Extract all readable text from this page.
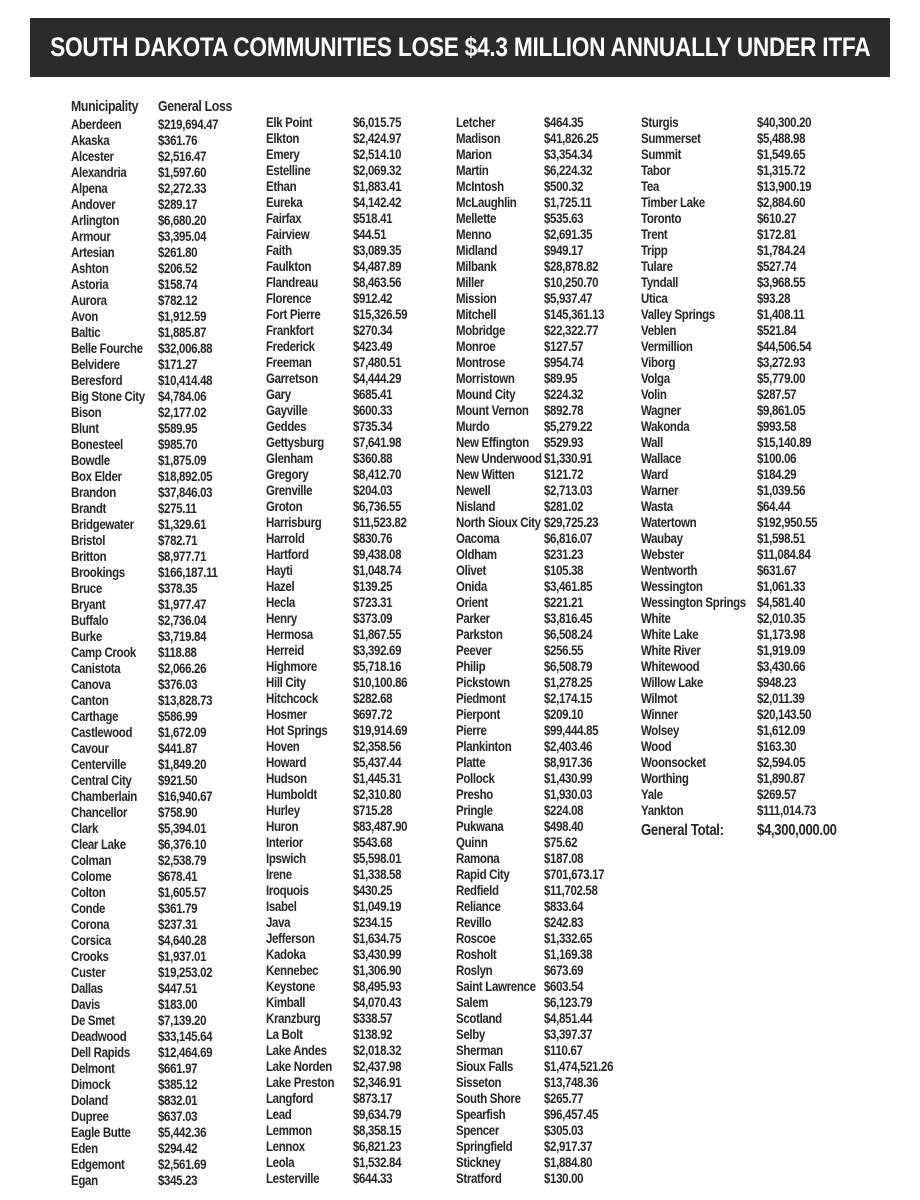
SOUTH DAKOTA COMMUNITIES LOSE $4.3 MILLION ANNUALLY UNDER ITFA
Municipality General Loss
Aberdeen	$219,694.47
Akaska	$361.76
Alcester	$2,516.47
Alexandria $1,597.60
Alpena	$2,272.33
Andover	$289.17
Arlington	$6,680.20
Armour	$3,395.04
Artesian	$261.80
Ashton	$206.52
Astoria	$158.74
Aurora	$782.12
Avon	$1,912.59
Baltic	$1,885.87
Belle Fourche $32,006.88
Belvidere	$171.27
Beresford	$10,414.48
Big Stone City $4,784.06
Bison	$2,177.02
Blunt	$589.95
Bonesteel	$985.70
Bowdle	$1,875.09
Box Elder	$18,892.05
Brandon	$37,846.03
Brandt	$275.11
Bridgewater $1,329.61
Bristol	$782.71
Britton	$8,977.71
Brookings $166,187.11
Bruce	$378.35
Bryant	$1,977.47
Buffalo	$2,736.04
Burke	$3,719.84
Camp Crook $118.88
Canistota	$2,066.26
Canova	$376.03
Canton	$13,828.73
Carthage	$586.99
Castlewood $1,672.09
Cavour	$441.87
Centerville $1,849.20
Central City $921.50
Chamberlain $16,940.67
Chancellor $758.90
Clark	$5,394.01
Clear Lake $6,376.10
Colman	$2,538.79
Colome	$678.41
Colton	$1,605.57
Conde	$361.79
Corona	$237.31
Corsica	$4,640.28
Crooks	$1,937.01
Custer	$19,253.02
Dallas	$447.51
Davis	$183.00
De Smet	$7,139.20
Deadwood $33,145.64
Dell Rapids $12,464.69
Delmont	$661.97
Dimock	$385.12
Doland	$832.01
Dupree	$637.03
Eagle Butte $5,442.36
Eden	$294.42
Edgemont $2,561.69
Egan	$345.23
Elk Point	$6,015.75
Elkton	$2,424.97
Emery	$2,514.10
Estelline	$2,069.32
Ethan	$1,883.41
Eureka	$4,142.42
Fairfax	$518.41
Fairview	$44.51
Faith	$3,089.35
Faulkton	$4,487.89
Flandreau	$8,463.56
Florence	$912.42
Fort Pierre $15,326.59
Frankfort	$270.34
Frederick	$423.49
Freeman	$7,480.51
Garretson	$4,444.29
Gary	$685.41
Gayville	$600.33
Geddes	$735.34
Gettysburg $7,641.98
Glenham	$360.88
Gregory	$8,412.70
Grenville	$204.03
Groton	$6,736.55
Harrisburg $11,523.82
Harrold	$830.76
Hartford	$9,438.08
Hayti	$1,048.74
Hazel	$139.25
Hecla	$723.31
Henry	$373.09
Hermosa	$1,867.55
Herreid	$3,392.69
Highmore	$5,718.16
Hill City	$10,100.86
Hitchcock	$282.68
Hosmer	$697.72
Hot Springs $19,914.69
Hoven	$2,358.56
Howard	$5,437.44
Hudson	$1,445.31
Humboldt	$2,310.80
Hurley	$715.28
Huron	$83,487.90
Interior	$543.68
Ipswich	$5,598.01
Irene	$1,338.58
Iroquois	$430.25
Isabel	$1,049.19
Java	$234.15
Jefferson	$1,634.75
Kadoka	$3,430.99
Kennebec $1,306.90
Keystone	$8,495.93
Kimball	$4,070.43
Kranzburg $338.57
La Bolt	$138.92
Lake Andes $2,018.32
Lake Norden $2,437.98
Lake Preston $2,346.91
Langford	$873.17
Lead	$9,634.79
Lemmon	$8,358.15
Lennox	$6,821.23
Leola	$1,532.84
Lesterville $644.33
Letcher	$464.35
Madison	$41,826.25
Marion	$3,354.34
Martin	$6,224.32
McIntosh	$500.32
McLaughlin $1,725.11
Mellette	$535.63
Menno	$2,691.35
Midland	$949.17
Milbank	$28,878.82
Miller	$10,250.70
Mission	$5,937.47
Mitchell	$145,361.13
Mobridge	$22,322.77
Monroe	$127.57
Montrose	$954.74
Morristown $89.95
Mound City $224.32
Mount Vernon $892.78
Murdo	$5,279.22
New Effington $529.93
New Underwood $1,330.91
New Witten $121.72
Newell	$2,713.03
Nisland	$281.02
North Sioux City $29,725.23
Oacoma	$6,816.07
Oldham	$231.23
Olivet	$105.38
Onida	$3,461.85
Orient	$221.21
Parker	$3,816.45
Parkston	$6,508.24
Peever	$256.55
Philip	$6,508.79
Pickstown $1,278.25
Piedmont	$2,174.15
Pierpont	$209.10
Pierre	$99,444.85
Plankinton $2,403.46
Platte	$8,917.36
Pollock	$1,430.99
Presho	$1,930.03
Pringle	$224.08
Pukwana	$498.40
Quinn	$75.62
Ramona	$187.08
Rapid City $701,673.17
Redfield	$11,702.58
Reliance	$833.64
Revillo	$242.83
Roscoe	$1,332.65
Rosholt	$1,169.38
Roslyn	$673.69
Saint Lawrence $603.54
Salem	$6,123.79
Scotland	$4,851.44
Selby	$3,397.37
Sherman	$110.67
Sioux Falls $1,474,521.26
Sisseton	$13,748.36
South Shore $265.77
Spearfish	$96,457.45
Spencer	$305.03
Springfield $2,917.37
Stickney	$1,884.80
Stratford	$130.00
Sturgis	$40,300.20
Summerset	$5,488.98
Summit	$1,549.65
Tabor	$1,315.72
Tea	$13,900.19
Timber Lake	$2,884.60
Toronto	$610.27
Trent	$172.81
Tripp	$1,784.24
Tulare	$527.74
Tyndall	$3,968.55
Utica	$93.28
Valley Springs	$1,408.11
Veblen	$521.84
Vermillion	$44,506.54
Viborg	$3,272.93
Volga	$5,779.00
Volin	$287.57
Wagner	$9,861.05
Wakonda	$993.58
Wall	$15,140.89
Wallace	$100.06
Ward	$184.29
Warner	$1,039.56
Wasta	$64.44
Watertown	$192,950.55
Waubay	$1,598.51
Webster	$11,084.84
Wentworth	$631.67
Wessington	$1,061.33
Wessington Springs $4,581.40
White	$2,010.35
White Lake	$1,173.98
White River	$1,919.09
Whitewood	$3,430.66
Willow Lake	$948.23
Wilmot	$2,011.39
Winner	$20,143.50
Wolsey	$1,612.09
Wood	$163.30
Woonsocket	$2,594.05
Worthing	$1,890.87
Yale	$269.57
Yankton	$111,014.73
General Total: $4,300,000.00
